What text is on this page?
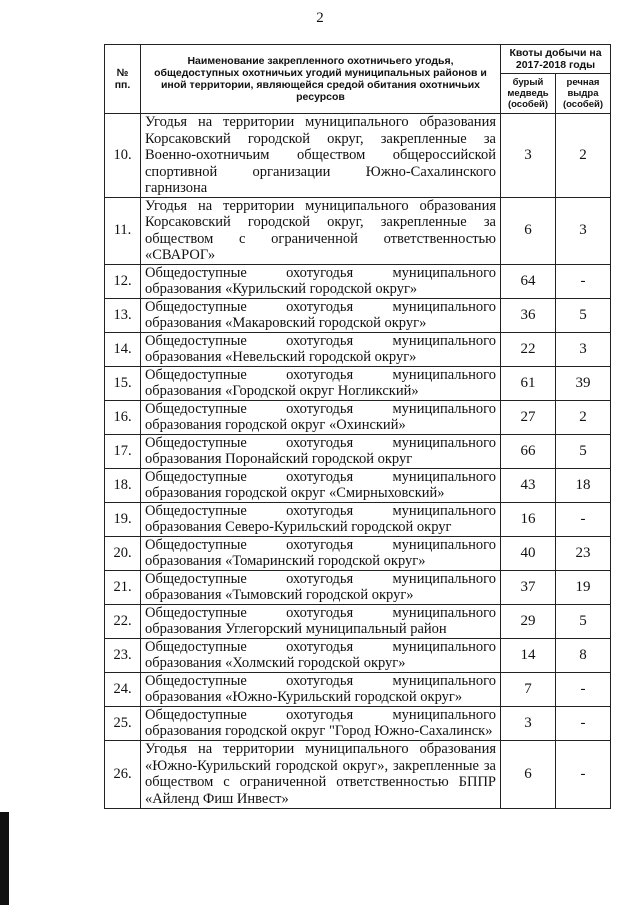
2
№ пп.	Наименование закрепленного охотничьего угодья, общедоступных охотничьих угодий муниципальных районов и иной территории, являющейся средой обитания охотничьих ресурсов	Квоты добычи на 2017-2018 годы	
		бурый медведь (особей)	речная выдра (особей)
10.	Угодья на территории муниципального образования Корсаковский городской округ, закрепленные за Военно-охотничьим обществом общероссийской спортивной организации Южно-Сахалинского гарнизона	3	2
11.	Угодья на территории муниципального образования Корсаковский городской округ, закрепленные за обществом с ограниченной ответственностью «СВАРОГ»	6	3
12.	Общедоступные охотугодья муниципального образования «Курильский городской округ»	64	-
13.	Общедоступные охотугодья муниципального образования «Макаровский городской округ»	36	5
14.	Общедоступные охотугодья муниципального образования «Невельский городской округ»	22	3
15.	Общедоступные охотугодья муниципального образования «Городской округ Ногликский»	61	39
16.	Общедоступные охотугодья муниципального образования городской округ «Охинский»	27	2
17.	Общедоступные охотугодья муниципального образования Поронайский городской округ	66	5
18.	Общедоступные охотугодья муниципального образования городской округ «Смирныховский»	43	18
19.	Общедоступные охотугодья муниципального образования Северо-Курильский городской округ	16	-
20.	Общедоступные охотугодья муниципального образования «Томаринский городской округ»	40	23
21.	Общедоступные охотугодья муниципального образования «Тымовский городской округ»	37	19
22.	Общедоступные охотугодья муниципального образования Углегорский муниципальный район	29	5
23.	Общедоступные охотугодья муниципального образования «Холмский городской округ»	14	8
24.	Общедоступные охотугодья муниципального образования «Южно-Курильский городской округ»	7	-
25.	Общедоступные охотугодья муниципального образования городской округ "Город Южно-Сахалинск»	3	-
26.	Угодья на территории муниципального образования «Южно-Курильский городской округ», закрепленные за обществом с ограниченной ответственностью БППР «Айленд Фиш Инвест»	6	-
